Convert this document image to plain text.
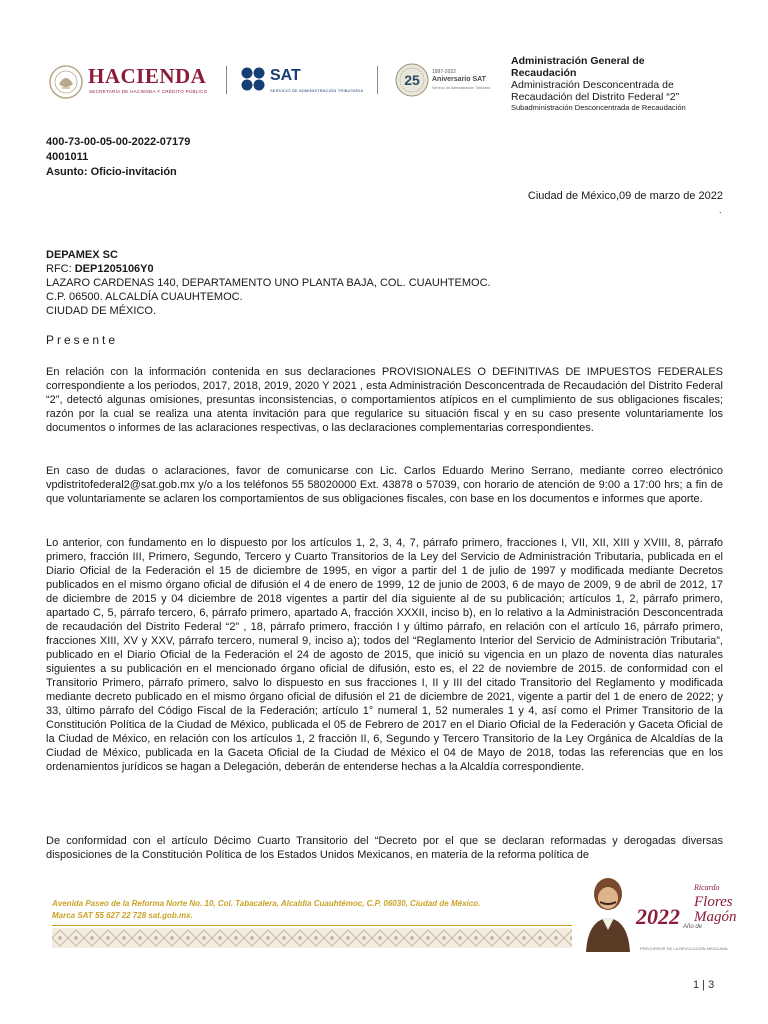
HACIENDA
SECRETARÍA DE HACIENDA Y CRÉDITO PÚBLICO
SAT
SERVICIO DE ADMINISTRACIÓN TRIBUTARIA
25 1997-2022
Aniversario SAT
Servicio de Administración Tributaria
Administración General de
Recaudación
Administración Desconcentrada de
Recaudación del Distrito Federal “2”
Subadministración Desconcentrada de Recaudación
400-73-00-05-00-2022-07179
4001011
Asunto: Oficio-invitación
Ciudad de México,09 de marzo de 2022
.
DEPAMEX SC
RFC: DEP1205106Y0
LAZARO CARDENAS 140, DEPARTAMENTO UNO PLANTA BAJA, COL. CUAUHTEMOC.
C.P. 06500. ALCALDÍA CUAUHTEMOC.
CIUDAD DE MÉXICO.
Presente
En relación con la información contenida en sus declaraciones PROVISIONALES O DEFINITIVAS DE IMPUESTOS FEDERALES correspondiente a los periodos, 2017, 2018, 2019, 2020 Y 2021 , esta Administración Desconcentrada de Recaudación del Distrito Federal “2”, detectó algunas omisiones, presuntas inconsistencias, o comportamientos atípicos en el cumplimiento de sus obligaciones fiscales; razón por la cual se realiza una atenta invitación para que regularice su situación fiscal y en su caso presente voluntariamente los documentos o informes de las aclaraciones respectivas, o las declaraciones complementarias correspondientes.
En caso de dudas o aclaraciones, favor de comunicarse con Lic. Carlos Eduardo Merino Serrano, mediante correo electrónico vpdistritofederal2@sat.gob.mx y/o a los teléfonos 55 58020000 Ext. 43878 o 57039, con horario de atención de 9:00 a 17:00 hrs; a fin de que voluntariamente se aclaren los comportamientos de sus obligaciones fiscales, con base en los documentos e informes que aporte.
Lo anterior, con fundamento en lo dispuesto por los artículos 1, 2, 3, 4, 7, párrafo primero, fracciones I, VII, XII, XIII y XVIII, 8, párrafo primero, fracción III, Primero, Segundo, Tercero y Cuarto Transitorios de la Ley del Servicio de Administración Tributaria, publicada en el Diario Oficial de la Federación el 15 de diciembre de 1995, en vigor a partir del 1 de julio de 1997 y modificada mediante Decretos publicados en el mismo órgano oficial de difusión el 4 de enero de 1999, 12 de junio de 2003, 6 de mayo de 2009, 9 de abril de 2012, 17 de diciembre de 2015 y 04 diciembre de 2018 vigentes a partir del día siguiente al de su publicación; artículos 1, 2, párrafo primero, apartado C, 5, párrafo tercero, 6, párrafo primero, apartado A, fracción XXXII, inciso b), en lo relativo a la Administración Desconcentrada de recaudación del Distrito Federal “2” , 18, párrafo primero, fracción I y último párrafo, en relación con el artículo 16, párrafo primero, fracciones XIII, XV y XXV, párrafo tercero, numeral 9, inciso a); todos del “Reglamento Interior del Servicio de Administración Tributaria”, publicado en el Diario Oficial de la Federación el 24 de agosto de 2015, que inició su vigencia en un plazo de noventa días naturales siguientes a su publicación en el mencionado órgano oficial de difusión, esto es, el 22 de noviembre de 2015. de conformidad con el Transitorio Primero, párrafo primero, salvo lo dispuesto en sus fracciones I, II y III del citado Transitorio del Reglamento y modificada mediante decreto publicado en el mismo órgano oficial de difusión el 21 de diciembre de 2021, vigente a partir del 1 de enero de 2022; y 33, último párrafo del Código Fiscal de la Federación; artículo 1° numeral 1, 52 numerales 1 y 4, así como el Primer Transitorio de la Constitución Política de la Ciudad de México, publicada el 05 de Febrero de 2017 en el Diario Oficial de la Federación y Gaceta Oficial de la Ciudad de México, en relación con los artículos 1, 2 fracción II, 6, Segundo y Tercero Transitorio de la Ley Orgánica de Alcaldías de la Ciudad de México, publicada en la Gaceta Oficial de la Ciudad de México el 04 de Mayo de 2018, todas las referencias que en los ordenamientos jurídicos se hagan a Delegación, deberán de entenderse hechas a la Alcaldía correspondiente.
De conformidad con el artículo Décimo Cuarto Transitorio del “Decreto por el que se declaran reformadas y derogadas diversas disposiciones de la Constitución Política de los Estados Unidos Mexicanos, en materia de la reforma política de
Avenida Paseo de la Reforma Norte No. 10, Col. Tabacalera, Alcaldía Cuauhtémoc, C.P. 06030, Ciudad de México.
Marca SAT 55 627 22 728 sat.gob.mx.	2022 Año de
Ricardo
Flores
Magón
PRECURSOR DE LA REVOLUCIÓN MEXICANA
1 | 3
